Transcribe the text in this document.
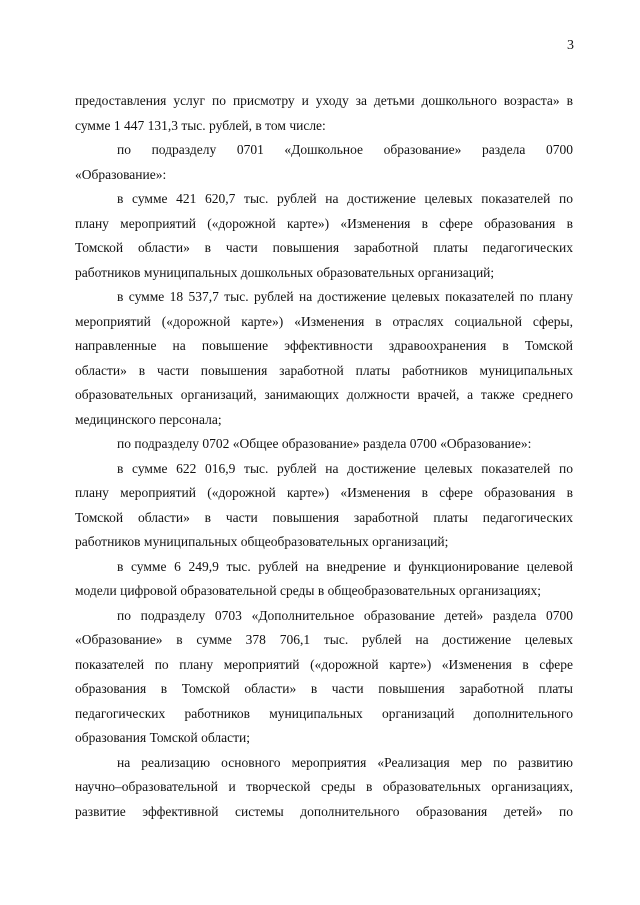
3
предоставления услуг по присмотру и уходу за детьми дошкольного возраста» в
сумме 1 447 131,3 тыс. рублей, в том числе:
по подразделу 0701 «Дошкольное образование» раздела 0700
«Образование»:
в сумме 421 620,7 тыс. рублей на достижение целевых показателей по
плану мероприятий («дорожной карте») «Изменения в сфере образования в
Томской области» в части повышения заработной платы педагогических
работников муниципальных дошкольных образовательных организаций;
в сумме 18 537,7 тыс. рублей на достижение целевых показателей по плану
мероприятий («дорожной карте») «Изменения в отраслях социальной сферы,
направленные на повышение эффективности здравоохранения в Томской
области» в части повышения заработной платы работников муниципальных
образовательных организаций, занимающих должности врачей, а также среднего
медицинского персонала;
по подразделу 0702 «Общее образование» раздела 0700 «Образование»:
в сумме 622 016,9 тыс. рублей на достижение целевых показателей по
плану мероприятий («дорожной карте») «Изменения в сфере образования в
Томской области» в части повышения заработной платы педагогических
работников муниципальных общеобразовательных организаций;
в сумме 6 249,9 тыс. рублей на внедрение и функционирование целевой
модели цифровой образовательной среды в общеобразовательных организациях;
по подразделу 0703 «Дополнительное образование детей» раздела 0700
«Образование» в сумме 378 706,1 тыс. рублей на достижение целевых
показателей по плану мероприятий («дорожной карте») «Изменения в сфере
образования в Томской области» в части повышения заработной платы
педагогических работников муниципальных организаций дополнительного
образования Томской области;
на реализацию основного мероприятия «Реализация мер по развитию
научно–образовательной и творческой среды в образовательных организациях,
развитие эффективной системы дополнительного образования детей» по
